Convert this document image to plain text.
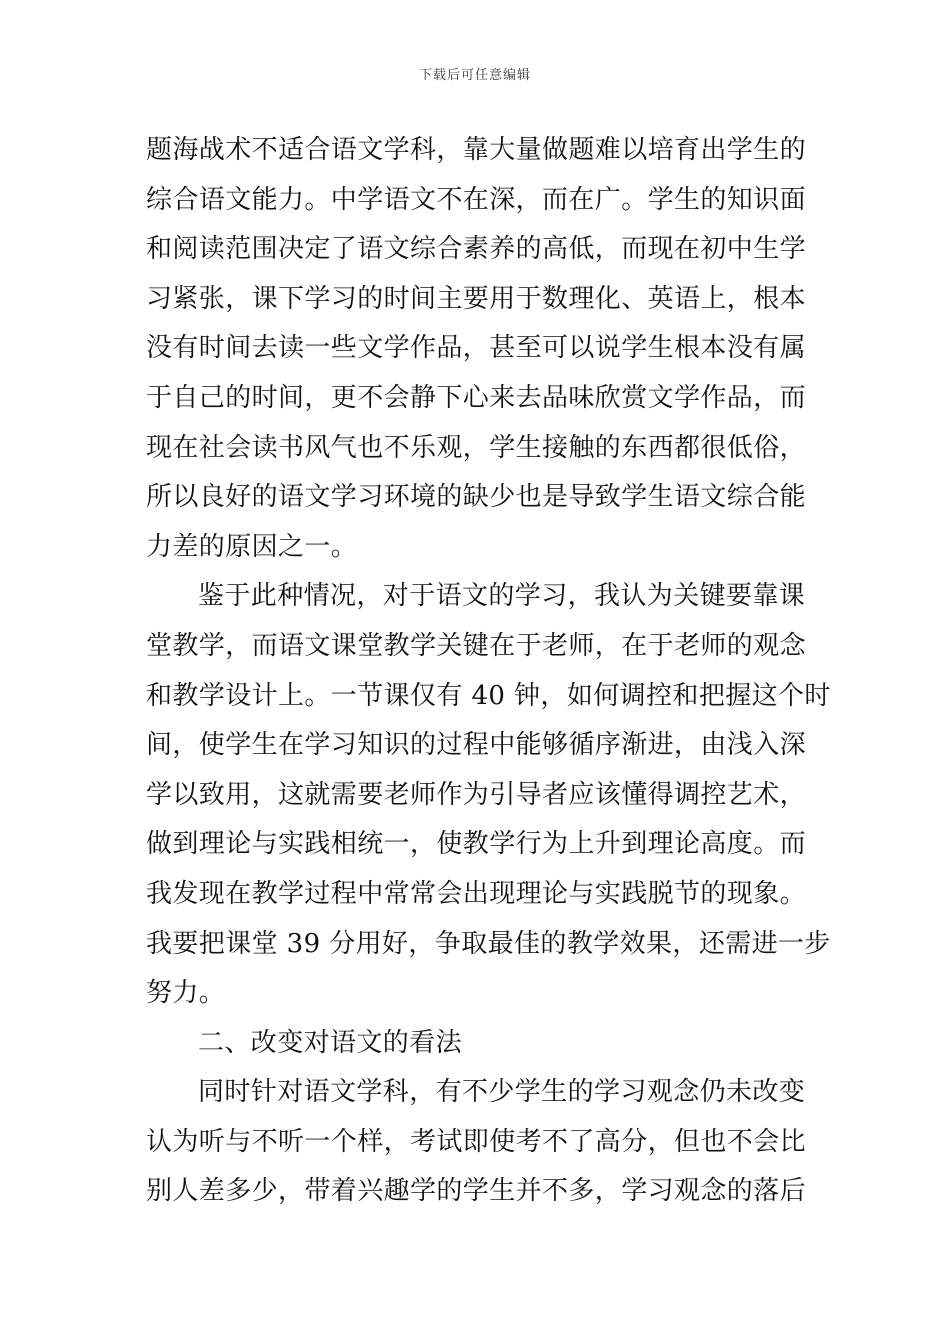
下载后可任意编辑
题海战术不适合语文学科，靠大量做题难以培育出学生的
综合语文能力。中学语文不在深，而在广。学生的知识面
和阅读范围决定了语文综合素养的高低，而现在初中生学
习紧张，课下学习的时间主要用于数理化、英语上，根本
没有时间去读一些文学作品，甚至可以说学生根本没有属
于自己的时间，更不会静下心来去品味欣赏文学作品，而
现在社会读书风气也不乐观，学生接触的东西都很低俗，
所以良好的语文学习环境的缺少也是导致学生语文综合能
力差的原因之一。
鉴于此种情况，对于语文的学习，我认为关键要靠课
堂教学，而语文课堂教学关键在于老师，在于老师的观念
和教学设计上。一节课仅有 40 钟，如何调控和把握这个时
间，使学生在学习知识的过程中能够循序渐进，由浅入深
学以致用，这就需要老师作为引导者应该懂得调控艺术，
做到理论与实践相统一，使教学行为上升到理论高度。而
我发现在教学过程中常常会出现理论与实践脱节的现象。
我要把课堂 39 分用好，争取最佳的教学效果，还需进一步
努力。
二、改变对语文的看法
同时针对语文学科，有不少学生的学习观念仍未改变
认为听与不听一个样，考试即使考不了高分，但也不会比
别人差多少，带着兴趣学的学生并不多，学习观念的落后
